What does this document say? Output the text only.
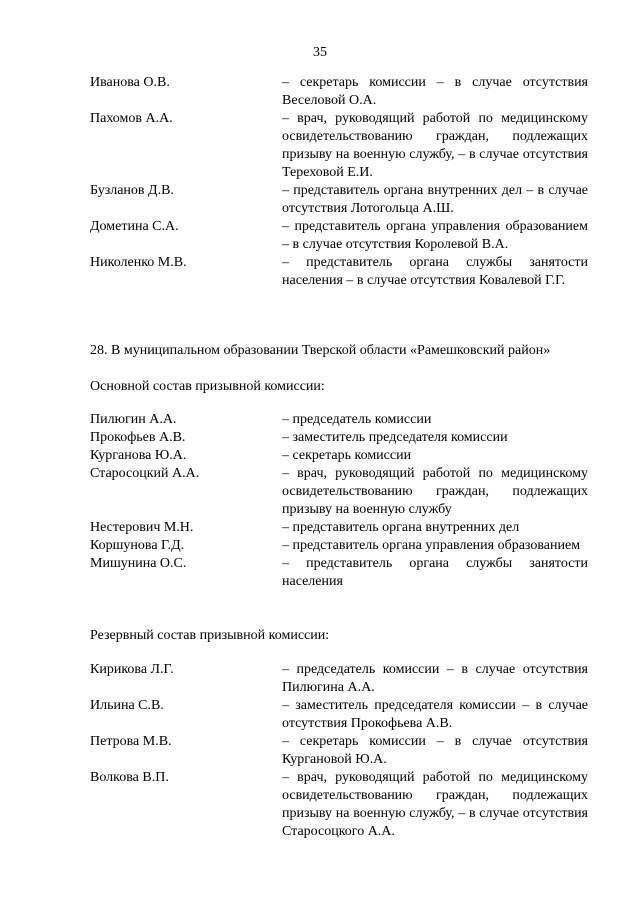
35
Иванова О.В.	– секретарь комиссии – в случае отсутствия Веселовой О.А.
Пахомов А.А.	– врач, руководящий работой по медицинскому освидетельствованию граждан, подлежащих призыву на военную службу, – в случае отсутствия Тереховой Е.И.
Бузланов Д.В.	– представитель органа внутренних дел – в случае отсутствия Лотогольца А.Ш.
Дометина С.А.	– представитель органа управления образованием – в случае отсутствия Королевой В.А.
Николенко М.В.	– представитель органа службы занятости населения – в случае отсутствия Ковалевой Г.Г.
28. В муниципальном образовании Тверской области «Рамешковский район»
Основной состав призывной комиссии:
Пилюгин А.А.	– председатель комиссии
Прокофьев А.В.	– заместитель председателя комиссии
Курганова Ю.А.	– секретарь комиссии
Старосоцкий А.А.	– врач, руководящий работой по медицинскому освидетельствованию граждан, подлежащих призыву на военную службу
Нестерович М.Н.	– представитель органа внутренних дел
Коршунова Г.Д.	– представитель органа управления образованием
Мишунина О.С.	– представитель органа службы занятости населения
Резервный состав призывной комиссии:
Кирикова Л.Г.	– председатель комиссии – в случае отсутствия Пилюгина А.А.
Ильина С.В.	– заместитель председателя комиссии – в случае отсутствия Прокофьева А.В.
Петрова М.В.	– секретарь комиссии – в случае отсутствия Кургановой Ю.А.
Волкова В.П.	– врач, руководящий работой по медицинскому освидетельствованию граждан, подлежащих призыву на военную службу, – в случае отсутствия Старосоцкого А.А.
